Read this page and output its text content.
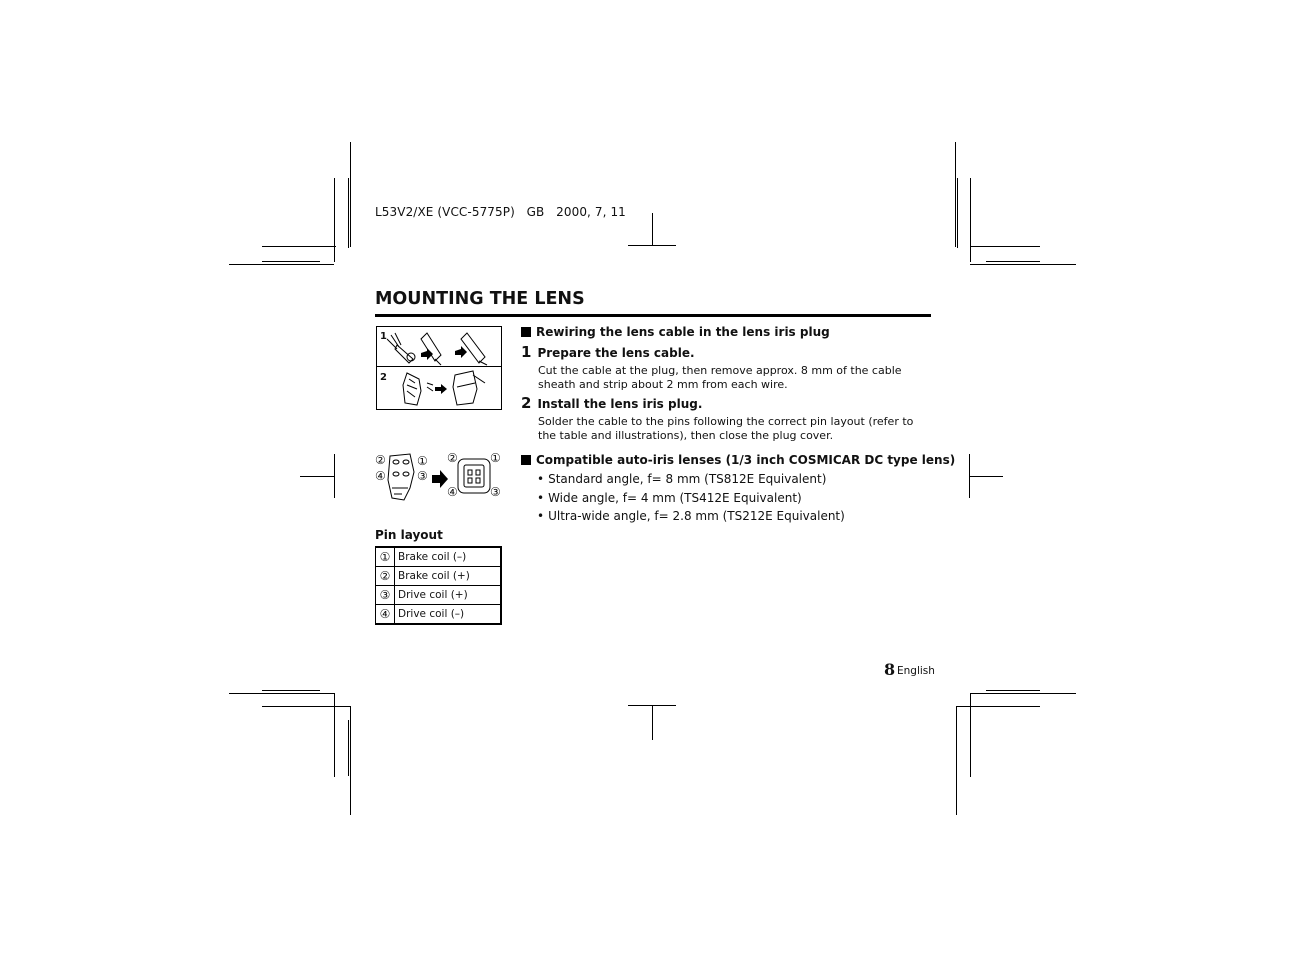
L53V2/XE (VCC-5775P)   GB   2000, 7, 11
MOUNTING THE LENS
1
2
②	①
④	③
②	①
④	③
Pin layout
①	Brake coil (–)
②	Brake coil (+)
③	Drive coil (+)
④	Drive coil (–)
Rewiring the lens cable in the lens iris plug
1 Prepare the lens cable.
Cut the cable at the plug, then remove approx. 8 mm of the cable sheath and strip about 2 mm from each wire.
2 Install the lens iris plug.
Solder the cable to the pins following the correct pin layout (refer to the table and illustrations), then close the plug cover.
Compatible auto-iris lenses (1/3 inch COSMICAR DC type lens)
• Standard angle, f= 8 mm (TS812E Equivalent)
• Wide angle, f= 4 mm (TS412E Equivalent)
• Ultra-wide angle, f= 2.8 mm (TS212E Equivalent)
8 English
